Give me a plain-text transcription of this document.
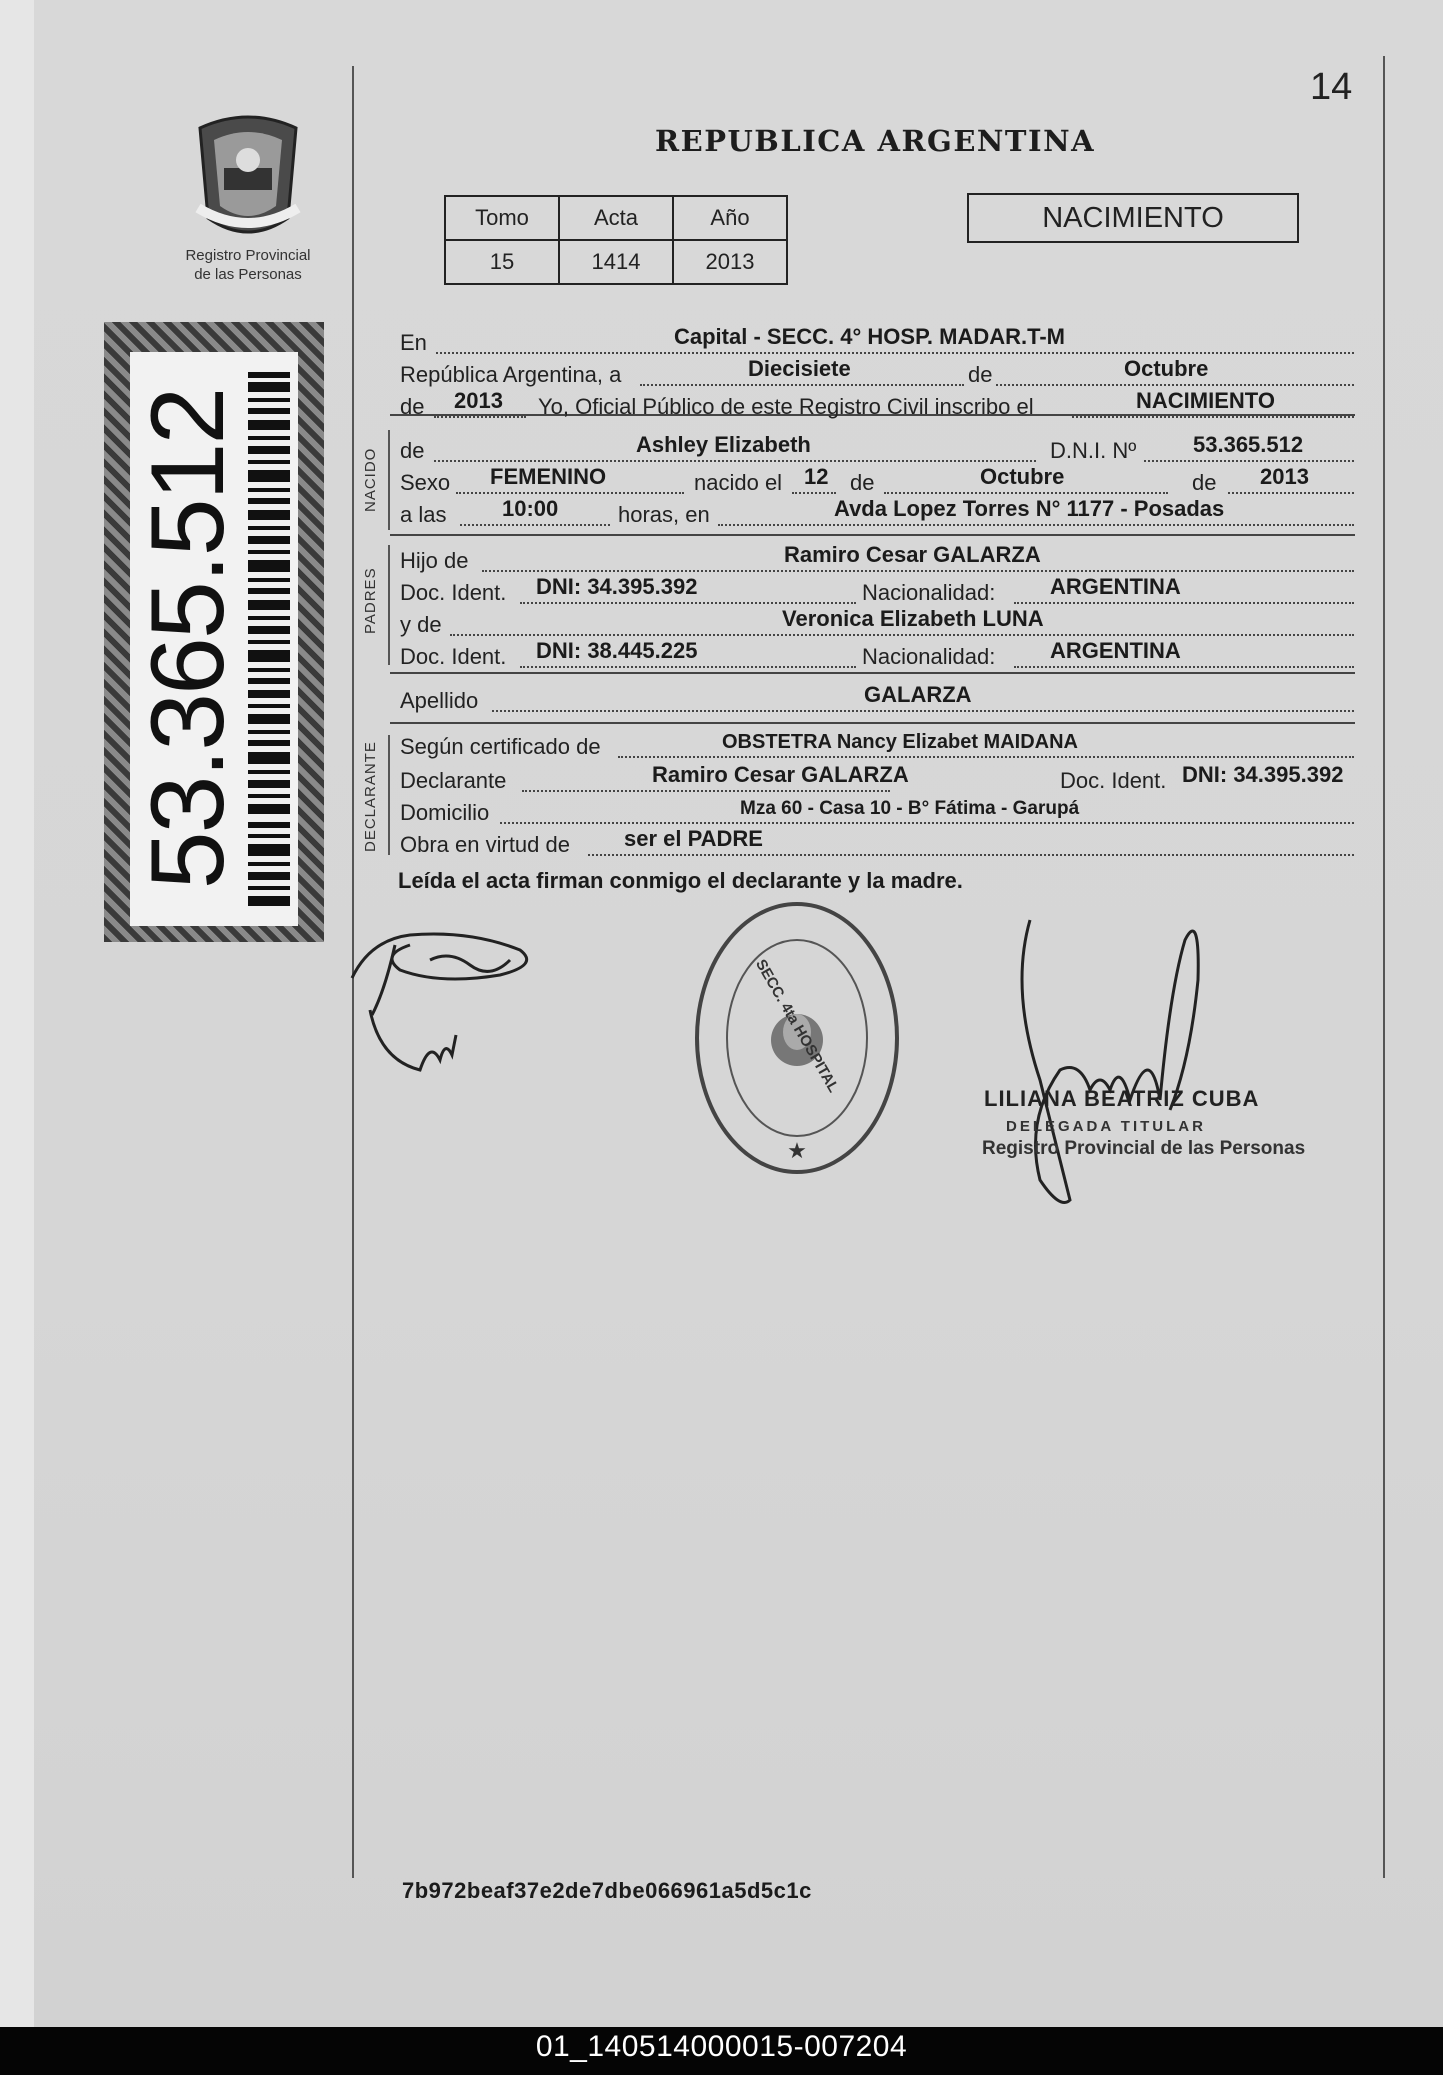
14
REPUBLICA ARGENTINA
Registro Provincial
de las Personas
Tomo	Acta	Año
15	1414	2013
NACIMIENTO
53.365.512	NACIDO
PADRES
DECLARANTE
En	Capital - SECC. 4° HOSP. MADAR.T-M
República Argentina, a	Diecisiete	de	Octubre
de 2013 Yo, Oficial Público de este Registro Civil inscribo el	NACIMIENTO
de	Ashley Elizabeth	D.N.I. Nº	53.365.512
Sexo FEMENINO	nacido el 12 de	Octubre	de 2013
a las	10:00	horas, en	Avda Lopez Torres N° 1177 - Posadas
Hijo de	Ramiro Cesar GALARZA
Doc. Ident. DNI: 34.395.392	Nacionalidad: ARGENTINA
y de	Veronica Elizabeth LUNA
Doc. Ident. DNI: 38.445.225	Nacionalidad: ARGENTINA
Apellido	GALARZA
Según certificado de	OBSTETRA Nancy Elizabet MAIDANA
Declarante	Ramiro Cesar GALARZA	Doc. Ident. DNI: 34.395.392
Domicilio	Mza 60 - Casa 10 - B° Fátima - Garupá
Obra en virtud de ser el PADRE
Leída el acta firman conmigo el declarante y la madre.
★
SECC. 4ta HOSPITAL
LILIANA BEATRIZ CUBA
DELEGADA TITULAR
Registro Provincial de las Personas
7b972beaf37e2de7dbe066961a5d5c1c
01_140514000015-007204
